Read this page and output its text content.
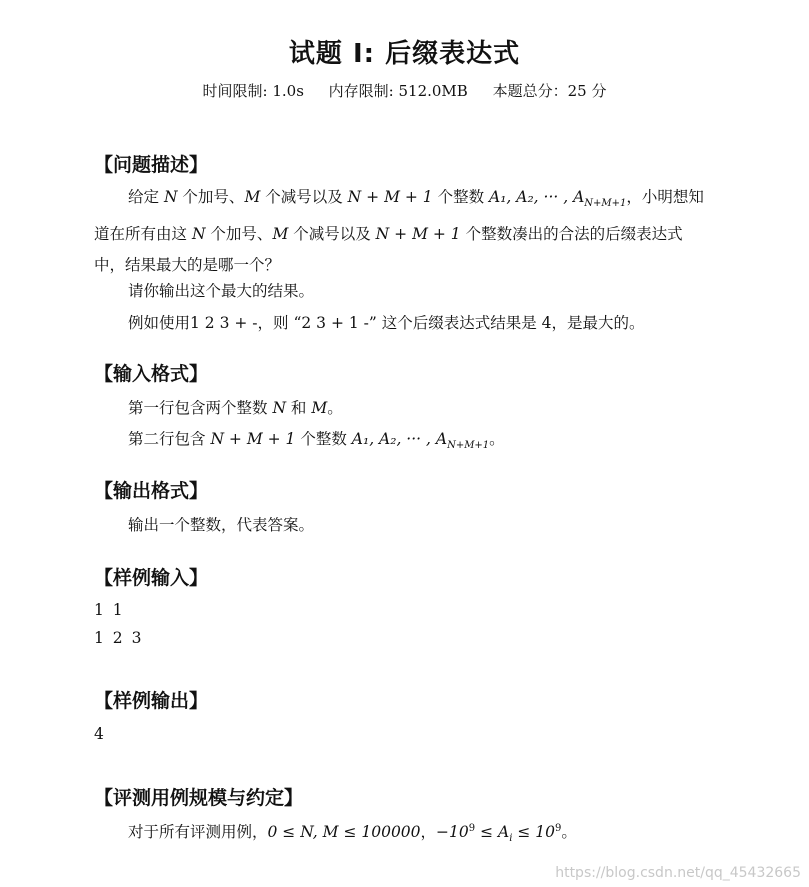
试题 I: 后缀表达式
时间限制: 1.0s 内存限制: 512.0MB 本题总分：25 分
【问题描述】
给定 N 个加号、M 个减号以及 N + M + 1 个整数 A₁, A₂, ··· , $A_{N+M+1}$，小明想知道在所有由这 N 个加号、M 个减号以及 N + M + 1 个整数凑出的合法的后缀表达式中，结果最大的是哪一个？
请你输出这个最大的结果。
例如使用1 2 3 + -，则 “2 3 + 1 -” 这个后缀表达式结果是 4，是最大的。
【输入格式】
第一行包含两个整数 N 和 M。
第二行包含 N + M + 1 个整数 A₁, A₂, ··· , $A_{N+M+1}$。
【输出格式】
输出一个整数，代表答案。
【样例输入】
1 1
1 2 3
【样例输出】
4
【评测用例规模与约定】
对于所有评测用例，0 ≤ N, M ≤ 100000，$-10^9 \le A_i \le 10^9$。
https://blog.csdn.net/qq_45432665
